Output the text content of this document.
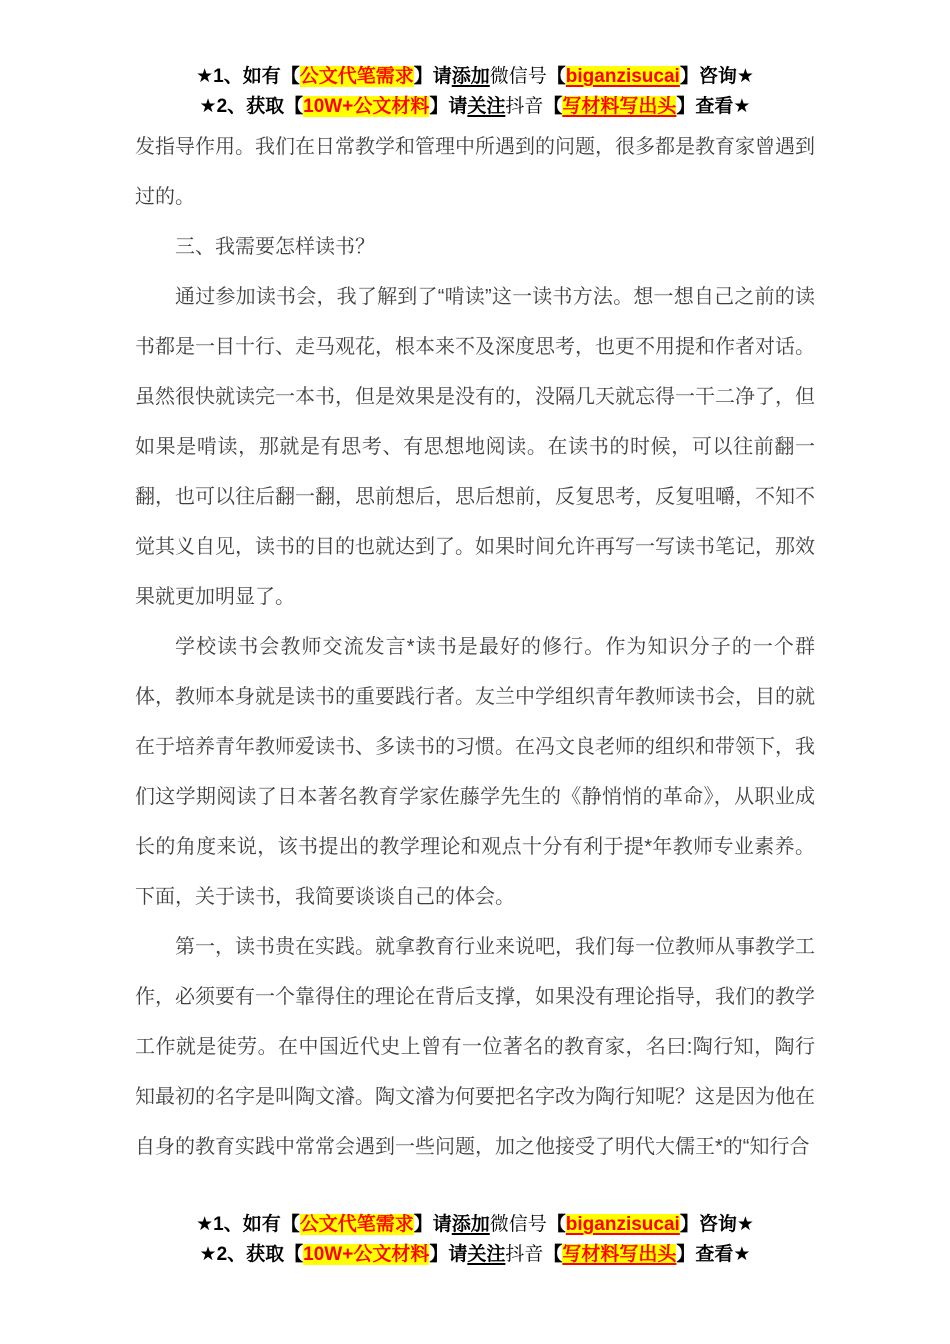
★1、如有【公文代笔需求】请添加微信号【biganzisucai】咨询★
★2、获取【10W+公文材料】请关注抖音【写材料写出头】查看★

发指导作用。我们在日常教学和管理中所遇到的问题，很多都是教育家曾遇到过的。

三、我需要怎样读书？

通过参加读书会，我了解到了“啃读”这一读书方法。想一想自己之前的读书都是一目十行、走马观花，根本来不及深度思考，也更不用提和作者对话。虽然很快就读完一本书，但是效果是没有的，没隔几天就忘得一干二净了，但如果是啃读，那就是有思考、有思想地阅读。在读书的时候，可以往前翻一翻，也可以往后翻一翻，思前想后，思后想前，反复思考，反复咀嚼，不知不觉其义自见，读书的目的也就达到了。如果时间允许再写一写读书笔记，那效果就更加明显了。

学校读书会教师交流发言*读书是最好的修行。作为知识分子的一个群体，教师本身就是读书的重要践行者。友兰中学组织青年教师读书会，目的就在于培养青年教师爱读书、多读书的习惯。在冯文良老师的组织和带领下，我们这学期阅读了日本著名教育学家佐藤学先生的《静悄悄的革命》，从职业成长的角度来说，该书提出的教学理论和观点十分有利于提*年教师专业素养。下面，关于读书，我简要谈谈自己的体会。

第一，读书贵在实践。就拿教育行业来说吧，我们每一位教师从事教学工作，必须要有一个靠得住的理论在背后支撑，如果没有理论指导，我们的教学工作就是徒劳。在中国近代史上曾有一位著名的教育家，名曰:陶行知，陶行知最初的名字是叫陶文濬。陶文濬为何要把名字改为陶行知呢？这是因为他在自身的教育实践中常常会遇到一些问题，加之他接受了明代大儒王*的“知行合

★1、如有【公文代笔需求】请添加微信号【biganzisucai】咨询★
★2、获取【10W+公文材料】请关注抖音【写材料写出头】查看★
